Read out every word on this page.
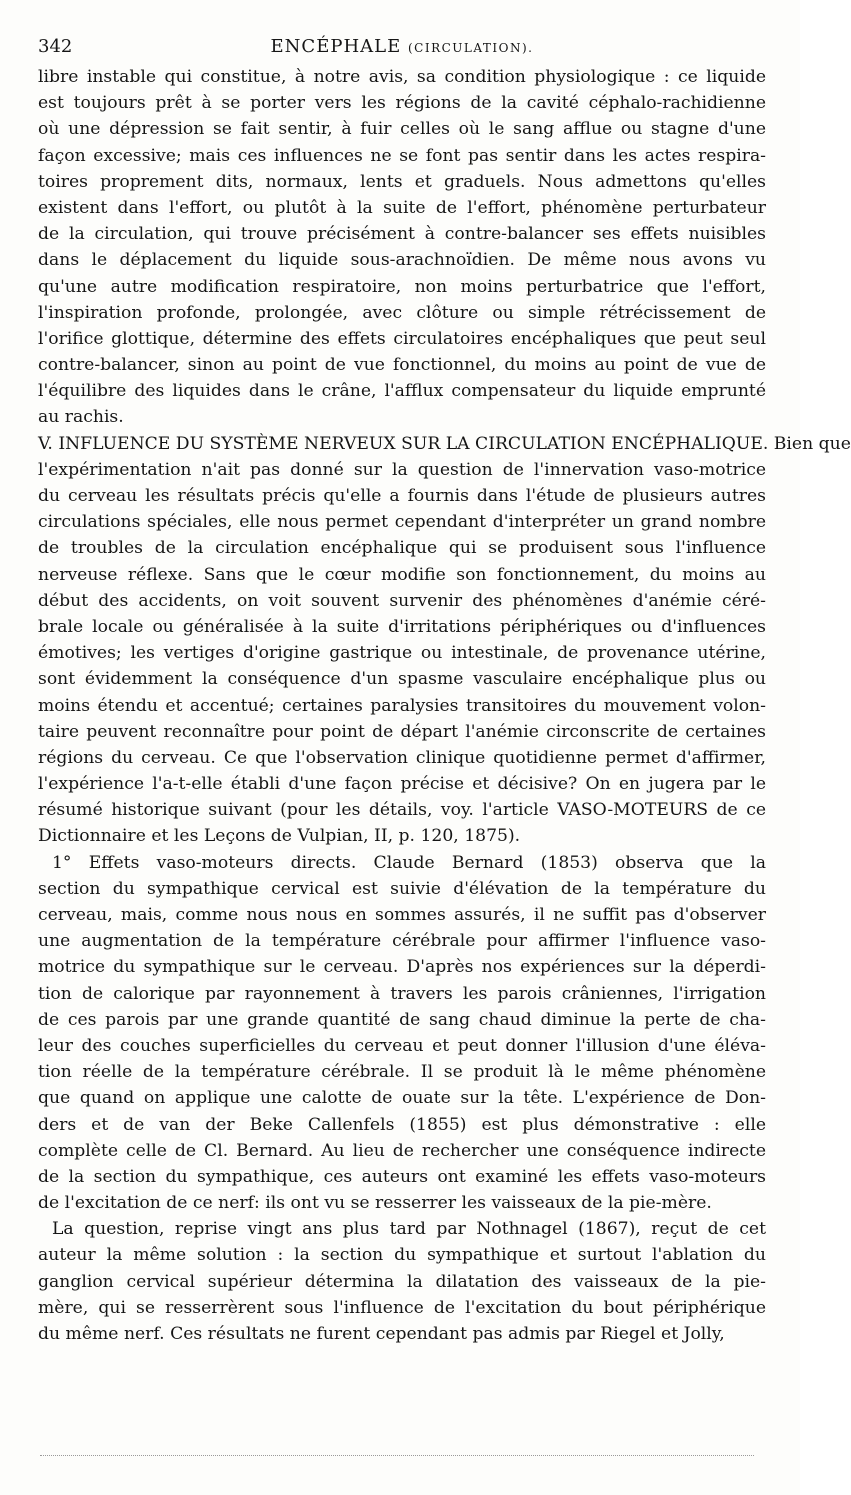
342	ENCÉPHALE (CIRCULATION).
libre instable qui constitue, à notre avis, sa condition physiologique : ce liquide
est toujours prêt à se porter vers les régions de la cavité céphalo-rachidienne
où une dépression se fait sentir, à fuir celles où le sang afflue ou stagne d'une
façon excessive; mais ces influences ne se font pas sentir dans les actes respira-
toires proprement dits, normaux, lents et graduels. Nous admettons qu'elles
existent dans l'effort, ou plutôt à la suite de l'effort, phénomène perturbateur
de la circulation, qui trouve précisément à contre-balancer ses effets nuisibles
dans le déplacement du liquide sous-arachnoïdien. De même nous avons vu
qu'une autre modification respiratoire, non moins perturbatrice que l'effort,
l'inspiration profonde, prolongée, avec clôture ou simple rétrécissement de
l'orifice glottique, détermine des effets circulatoires encéphaliques que peut seul
contre-balancer, sinon au point de vue fonctionnel, du moins au point de vue de
l'équilibre des liquides dans le crâne, l'afflux compensateur du liquide emprunté
au rachis.
V. INFLUENCE DU SYSTÈME NERVEUX SUR LA CIRCULATION ENCÉPHALIQUE. Bien que
l'expérimentation n'ait pas donné sur la question de l'innervation vaso-motrice
du cerveau les résultats précis qu'elle a fournis dans l'étude de plusieurs autres
circulations spéciales, elle nous permet cependant d'interpréter un grand nombre
de troubles de la circulation encéphalique qui se produisent sous l'influence
nerveuse réflexe. Sans que le cœur modifie son fonctionnement, du moins au
début des accidents, on voit souvent survenir des phénomènes d'anémie céré-
brale locale ou généralisée à la suite d'irritations périphériques ou d'influences
émotives; les vertiges d'origine gastrique ou intestinale, de provenance utérine,
sont évidemment la conséquence d'un spasme vasculaire encéphalique plus ou
moins étendu et accentué; certaines paralysies transitoires du mouvement volon-
taire peuvent reconnaître pour point de départ l'anémie circonscrite de certaines
régions du cerveau. Ce que l'observation clinique quotidienne permet d'affirmer,
l'expérience l'a-t-elle établi d'une façon précise et décisive? On en jugera par le
résumé historique suivant (pour les détails, voy. l'article VASO-MOTEURS de ce
Dictionnaire et les Leçons de Vulpian, II, p. 120, 1875).
1° Effets vaso-moteurs directs. Claude Bernard (1853) observa que la
section du sympathique cervical est suivie d'élévation de la température du
cerveau, mais, comme nous nous en sommes assurés, il ne suffit pas d'observer
une augmentation de la température cérébrale pour affirmer l'influence vaso-
motrice du sympathique sur le cerveau. D'après nos expériences sur la déperdi-
tion de calorique par rayonnement à travers les parois crâniennes, l'irrigation
de ces parois par une grande quantité de sang chaud diminue la perte de cha-
leur des couches superficielles du cerveau et peut donner l'illusion d'une éléva-
tion réelle de la température cérébrale. Il se produit là le même phénomène
que quand on applique une calotte de ouate sur la tête. L'expérience de Don-
ders et de van der Beke Callenfels (1855) est plus démonstrative : elle
complète celle de Cl. Bernard. Au lieu de rechercher une conséquence indirecte
de la section du sympathique, ces auteurs ont examiné les effets vaso-moteurs
de l'excitation de ce nerf: ils ont vu se resserrer les vaisseaux de la pie-mère.
La question, reprise vingt ans plus tard par Nothnagel (1867), reçut de cet
auteur la même solution : la section du sympathique et surtout l'ablation du
ganglion cervical supérieur détermina la dilatation des vaisseaux de la pie-
mère, qui se resserrèrent sous l'influence de l'excitation du bout périphérique
du même nerf. Ces résultats ne furent cependant pas admis par Riegel et Jolly,
